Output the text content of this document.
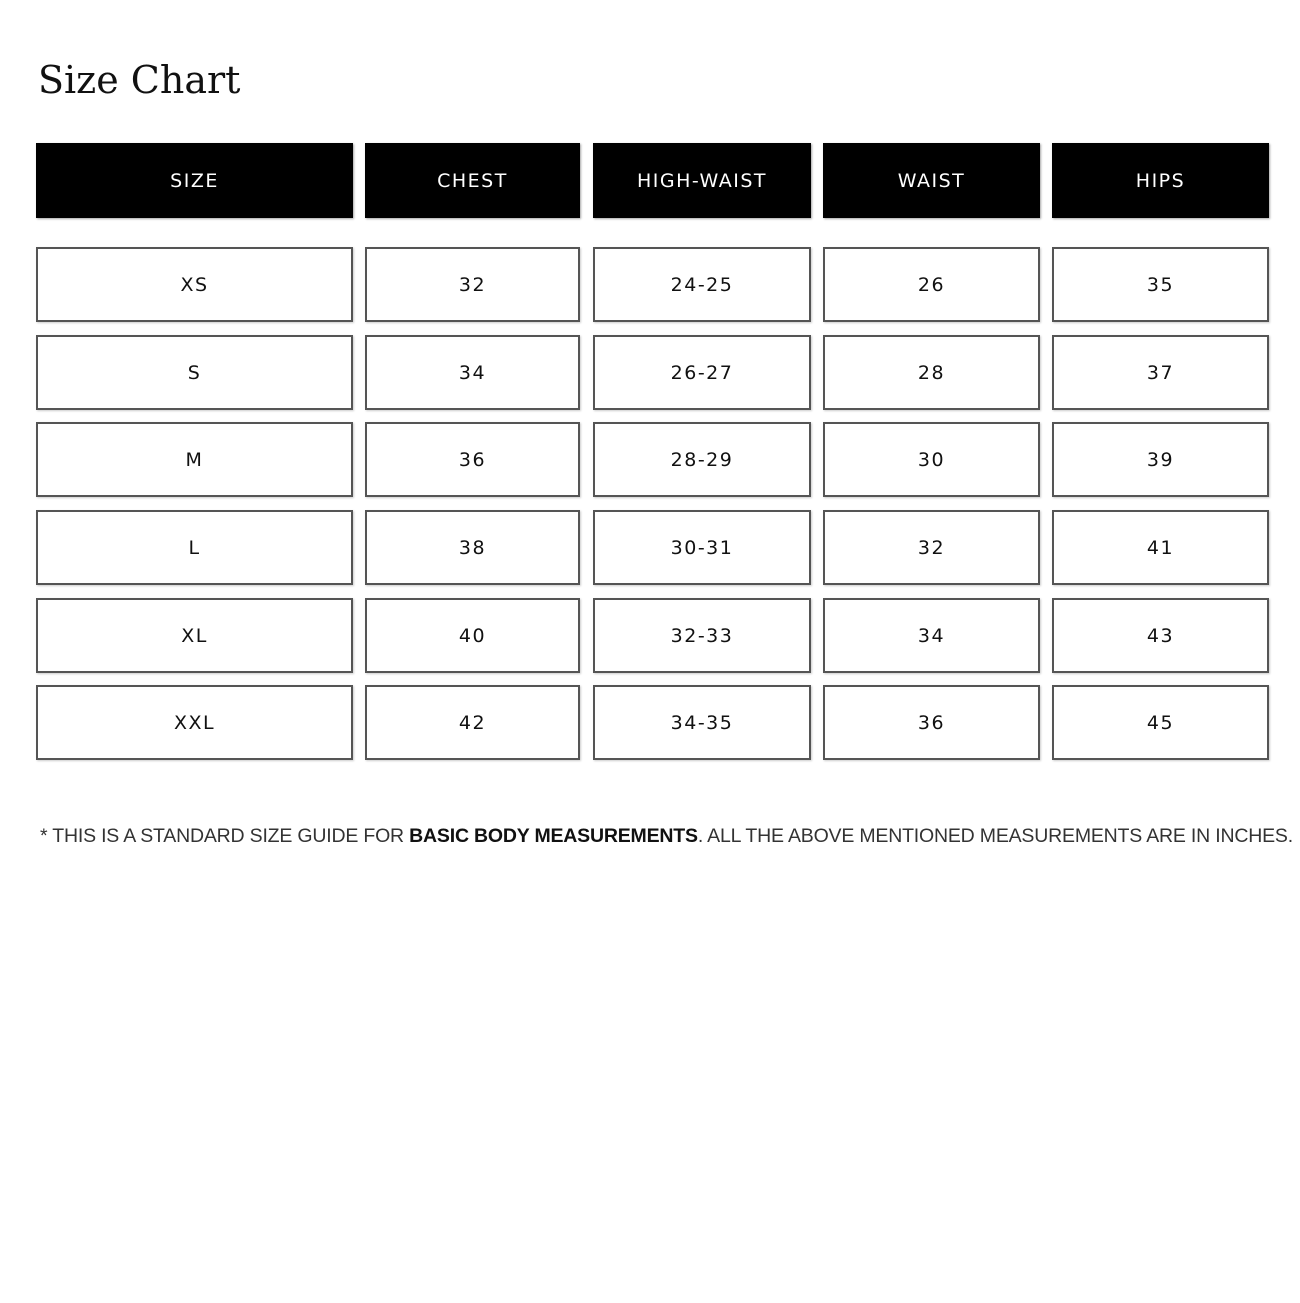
Size Chart
SIZE	CHEST	HIGH-WAIST	WAIST	HIPS
XS	32	24-25	26	35
S	34	26-27	28	37
M	36	28-29	30	39
L	38	30-31	32	41
XL	40	32-33	34	43
XXL	42	34-35	36	45

* THIS IS A STANDARD SIZE GUIDE FOR BASIC BODY MEASUREMENTS. ALL THE ABOVE MENTIONED MEASUREMENTS ARE IN INCHES.
